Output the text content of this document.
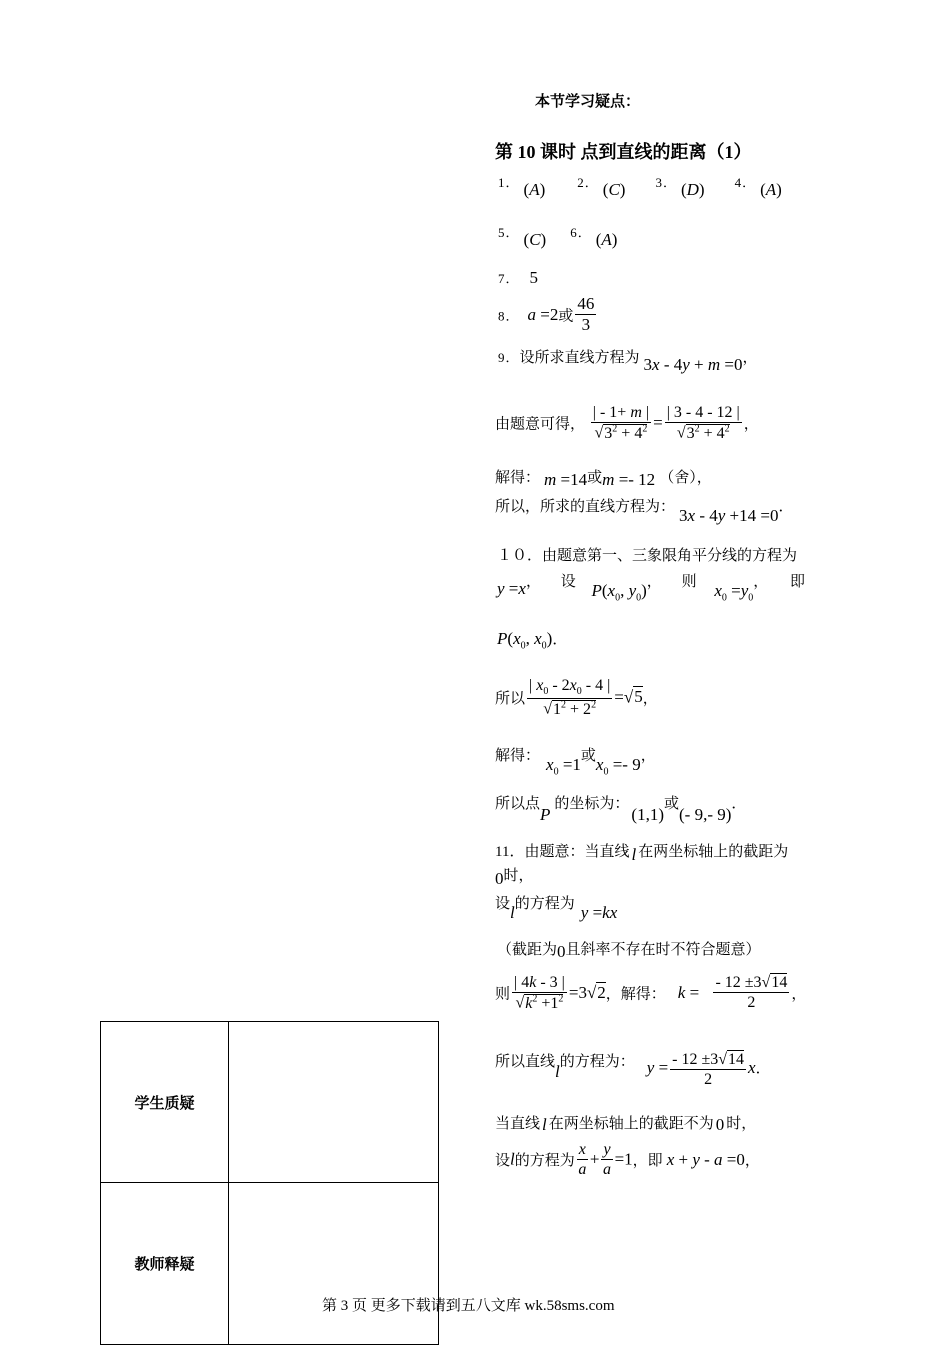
本节学习疑点：
第 10 课时 点到直线的距离（1）
$^{1.}$ (A) $^{2.}$ (C) $^{3.}$ (D) $^{4.}$ (A)
$^{5.}$ (C) $^{6.}$ (A)
7． 5
8． a =2或 $\frac{46}{3}$
9．设所求直线方程为 3x - 4y + m =0，
由题意可得， $\frac{| - 1+ m |}{√3^2 + 4^2} = \frac{| 3 - 4 - 12 |}{√3^2 + 4^2}$ ，
解得： m =14或m =- 12 （舍），
所以，所求的直线方程为： 3x - 4y +14 =0．
１０．由题意第一、三象限角平分线的方程为
y =x， 设 $P(x_0$, $y_0$)， 则 $x_0 =y_0$， 即
$P(x_0$, $x_0$)．
所以 $\frac{| x_0 - 2x_0 - 4 |}{√1^2 + 2^2} =√5$，
解得： $x_0 =1$或$x_0 =- 9$，
所以点P的坐标为：(1,1)或(- 9,- 9)．
11．由题意：当直线 l 在两坐标轴上的截距为
0时，
设l的方程为 y =kx
（截距为0且斜率不存在时不符合题意）
则 $\frac{| 4k - 3 |}{√k^2 +1^2} =3√2$，解得： $k = \frac{- 12 \pm 3√14}{2}$ ，
所以直线l的方程为： $y = \frac{- 12 \pm 3√14}{2}$ x．
当直线 l 在两坐标轴上的截距不为 0 时，
设l的方程为 $\frac{x}{a} + \frac{y}{a} =1$，即 x + y - a =0，
学生质疑	
教师释疑	
第 3 页 更多下载请到五八文库 wk.58sms.com
